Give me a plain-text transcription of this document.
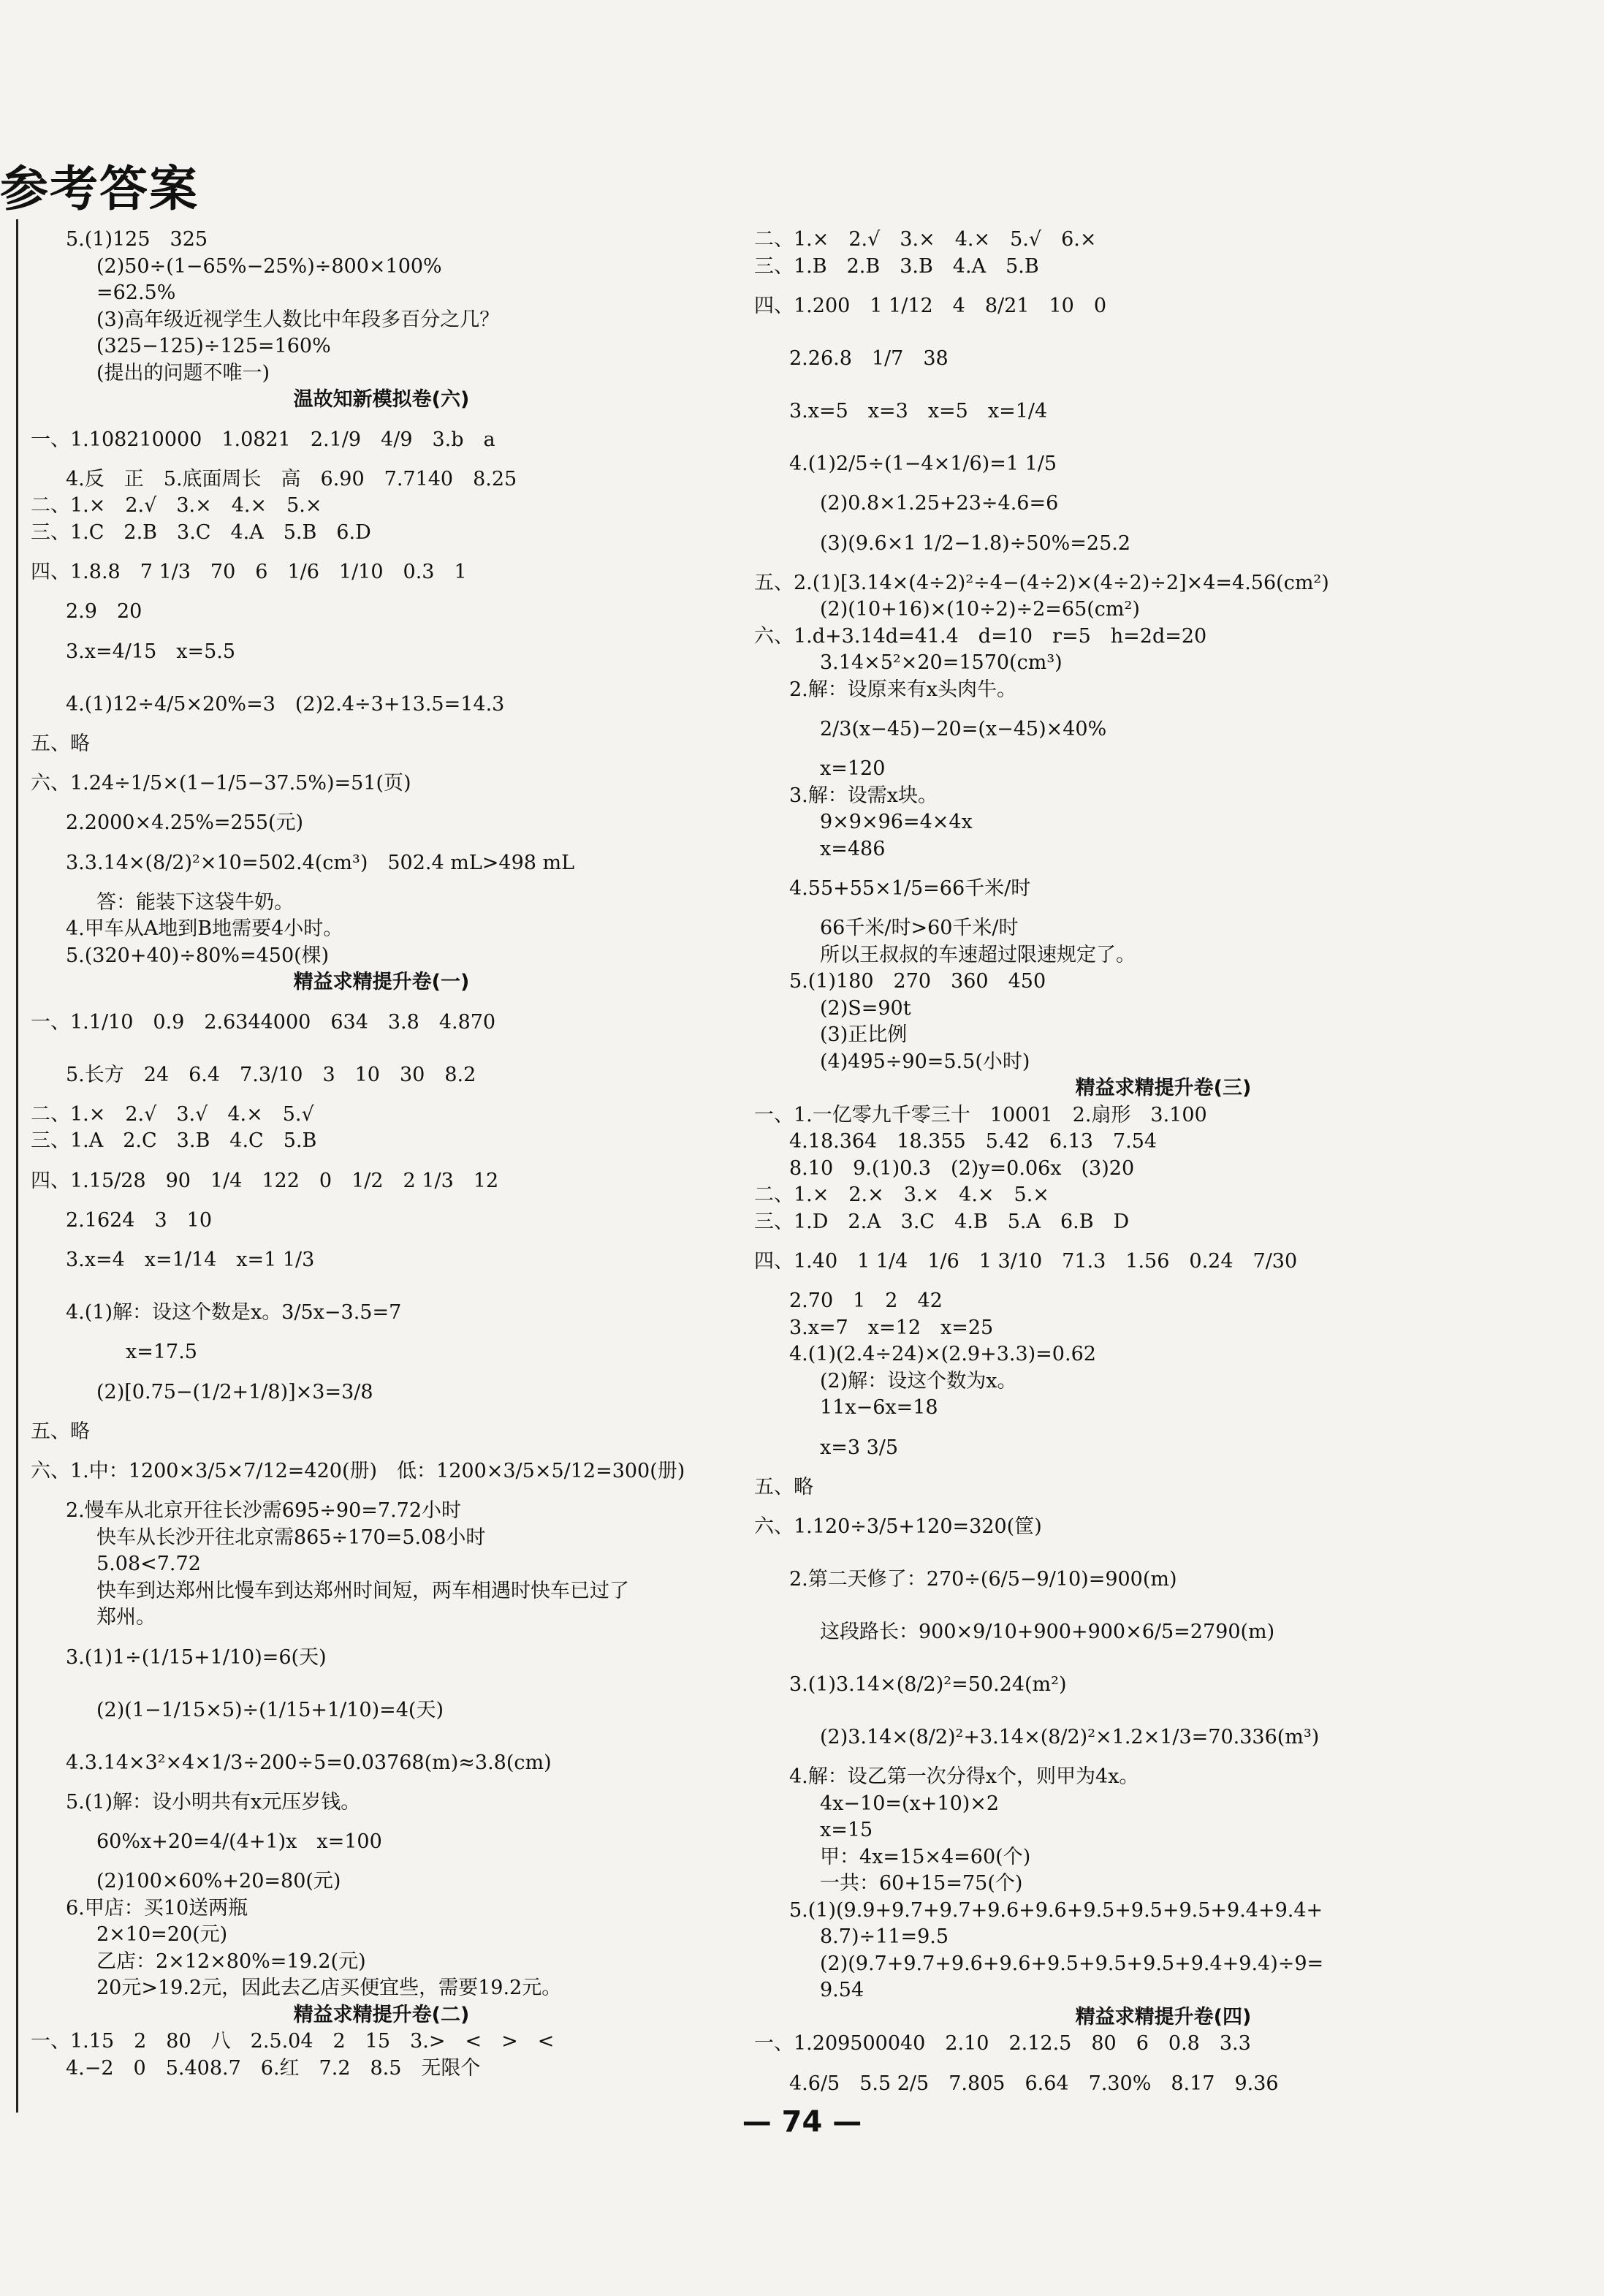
参考答案
5.(1)125　325
(2)50÷(1−65%−25%)÷800×100%
=62.5%
(3)高年级近视学生人数比中年段多百分之几？
(325−125)÷125=160%
(提出的问题不唯一)
温故知新模拟卷(六)
一、1.108210000　1.0821　2.1/9　4/9　3.b　a
4.反　正　5.底面周长　高　6.90　7.7140　8.25
二、1.×　2.√　3.×　4.×　5.×
三、1.C　2.B　3.C　4.A　5.B　6.D
四、1.8.8　7 1/3　70　6　1/6　1/10　0.3　1
2.9　20
3.x=4/15　x=5.5
4.(1)12÷4/5×20%=3　(2)2.4÷3+13.5=14.3
五、略
六、1.24÷1/5×(1−1/5−37.5%)=51(页)
2.2000×4.25%=255(元)
3.3.14×(8/2)²×10=502.4(cm³)　502.4 mL>498 mL
答：能装下这袋牛奶。
4.甲车从A地到B地需要4小时。
5.(320+40)÷80%=450(棵)
精益求精提升卷(一)
一、1.1/10　0.9　2.6344000　634　3.8　4.870
5.长方　24　6.4　7.3/10　3　10　30　8.2
二、1.×　2.√　3.√　4.×　5.√
三、1.A　2.C　3.B　4.C　5.B
四、1.15/28　90　1/4　122　0　1/2　2 1/3　12
2.1624　3　10
3.x=4　x=1/14　x=1 1/3
4.(1)解：设这个数是x。3/5x−3.5=7
x=17.5
(2)[0.75−(1/2+1/8)]×3=3/8
五、略
六、1.中：1200×3/5×7/12=420(册)　低：1200×3/5×5/12=300(册)
2.慢车从北京开往长沙需695÷90=7.72小时
快车从长沙开往北京需865÷170=5.08小时
5.08<7.72
快车到达郑州比慢车到达郑州时间短，两车相遇时快车已过了
郑州。
3.(1)1÷(1/15+1/10)=6(天)
(2)(1−1/15×5)÷(1/15+1/10)=4(天)
4.3.14×3²×4×1/3÷200÷5=0.03768(m)≈3.8(cm)
5.(1)解：设小明共有x元压岁钱。
60%x+20=4/(4+1)x　x=100
(2)100×60%+20=80(元)
6.甲店：买10送两瓶
2×10=20(元)
乙店：2×12×80%=19.2(元)
20元>19.2元，因此去乙店买便宜些，需要19.2元。
精益求精提升卷(二)
一、1.15　2　80　八　2.5.04　2　15　3.>　<　>　<
4.−2　0　5.408.7　6.红　7.2　8.5　无限个
二、1.×　2.√　3.×　4.×　5.√　6.×
三、1.B　2.B　3.B　4.A　5.B
四、1.200　1 1/12　4　8/21　10　0
2.26.8　1/7　38
3.x=5　x=3　x=5　x=1/4
4.(1)2/5÷(1−4×1/6)=1 1/5
(2)0.8×1.25+23÷4.6=6
(3)(9.6×1 1/2−1.8)÷50%=25.2
五、2.(1)[3.14×(4÷2)²÷4−(4÷2)×(4÷2)÷2]×4=4.56(cm²)
(2)(10+16)×(10÷2)÷2=65(cm²)
六、1.d+3.14d=41.4　d=10　r=5　h=2d=20
3.14×5²×20=1570(cm³)
2.解：设原来有x头肉牛。
2/3(x−45)−20=(x−45)×40%
x=120
3.解：设需x块。
9×9×96=4×4x
x=486
4.55+55×1/5=66千米/时
66千米/时>60千米/时
所以王叔叔的车速超过限速规定了。
5.(1)180　270　360　450
(2)S=90t
(3)正比例
(4)495÷90=5.5(小时)
精益求精提升卷(三)
一、1.一亿零九千零三十　10001　2.扇形　3.100
4.18.364　18.355　5.42　6.13　7.54
8.10　9.(1)0.3　(2)y=0.06x　(3)20
二、1.×　2.×　3.×　4.×　5.×
三、1.D　2.A　3.C　4.B　5.A　6.B　D
四、1.40　1 1/4　1/6　1 3/10　71.3　1.56　0.24　7/30
2.70　1　2　42
3.x=7　x=12　x=25
4.(1)(2.4÷24)×(2.9+3.3)=0.62
(2)解：设这个数为x。
11x−6x=18
x=3 3/5
五、略
六、1.120÷3/5+120=320(筐)
2.第二天修了：270÷(6/5−9/10)=900(m)
这段路长：900×9/10+900+900×6/5=2790(m)
3.(1)3.14×(8/2)²=50.24(m²)
(2)3.14×(8/2)²+3.14×(8/2)²×1.2×1/3=70.336(m³)
4.解：设乙第一次分得x个，则甲为4x。
4x−10=(x+10)×2
x=15
甲：4x=15×4=60(个)
一共：60+15=75(个)
5.(1)(9.9+9.7+9.7+9.6+9.6+9.5+9.5+9.5+9.4+9.4+
8.7)÷11=9.5
(2)(9.7+9.7+9.6+9.6+9.5+9.5+9.5+9.4+9.4)÷9=
9.54
精益求精提升卷(四)
一、1.209500040　2.10　2.12.5　80　6　0.8　3.3
4.6/5　5.5 2/5　7.805　6.64　7.30%　8.17　9.36
— 74 —
